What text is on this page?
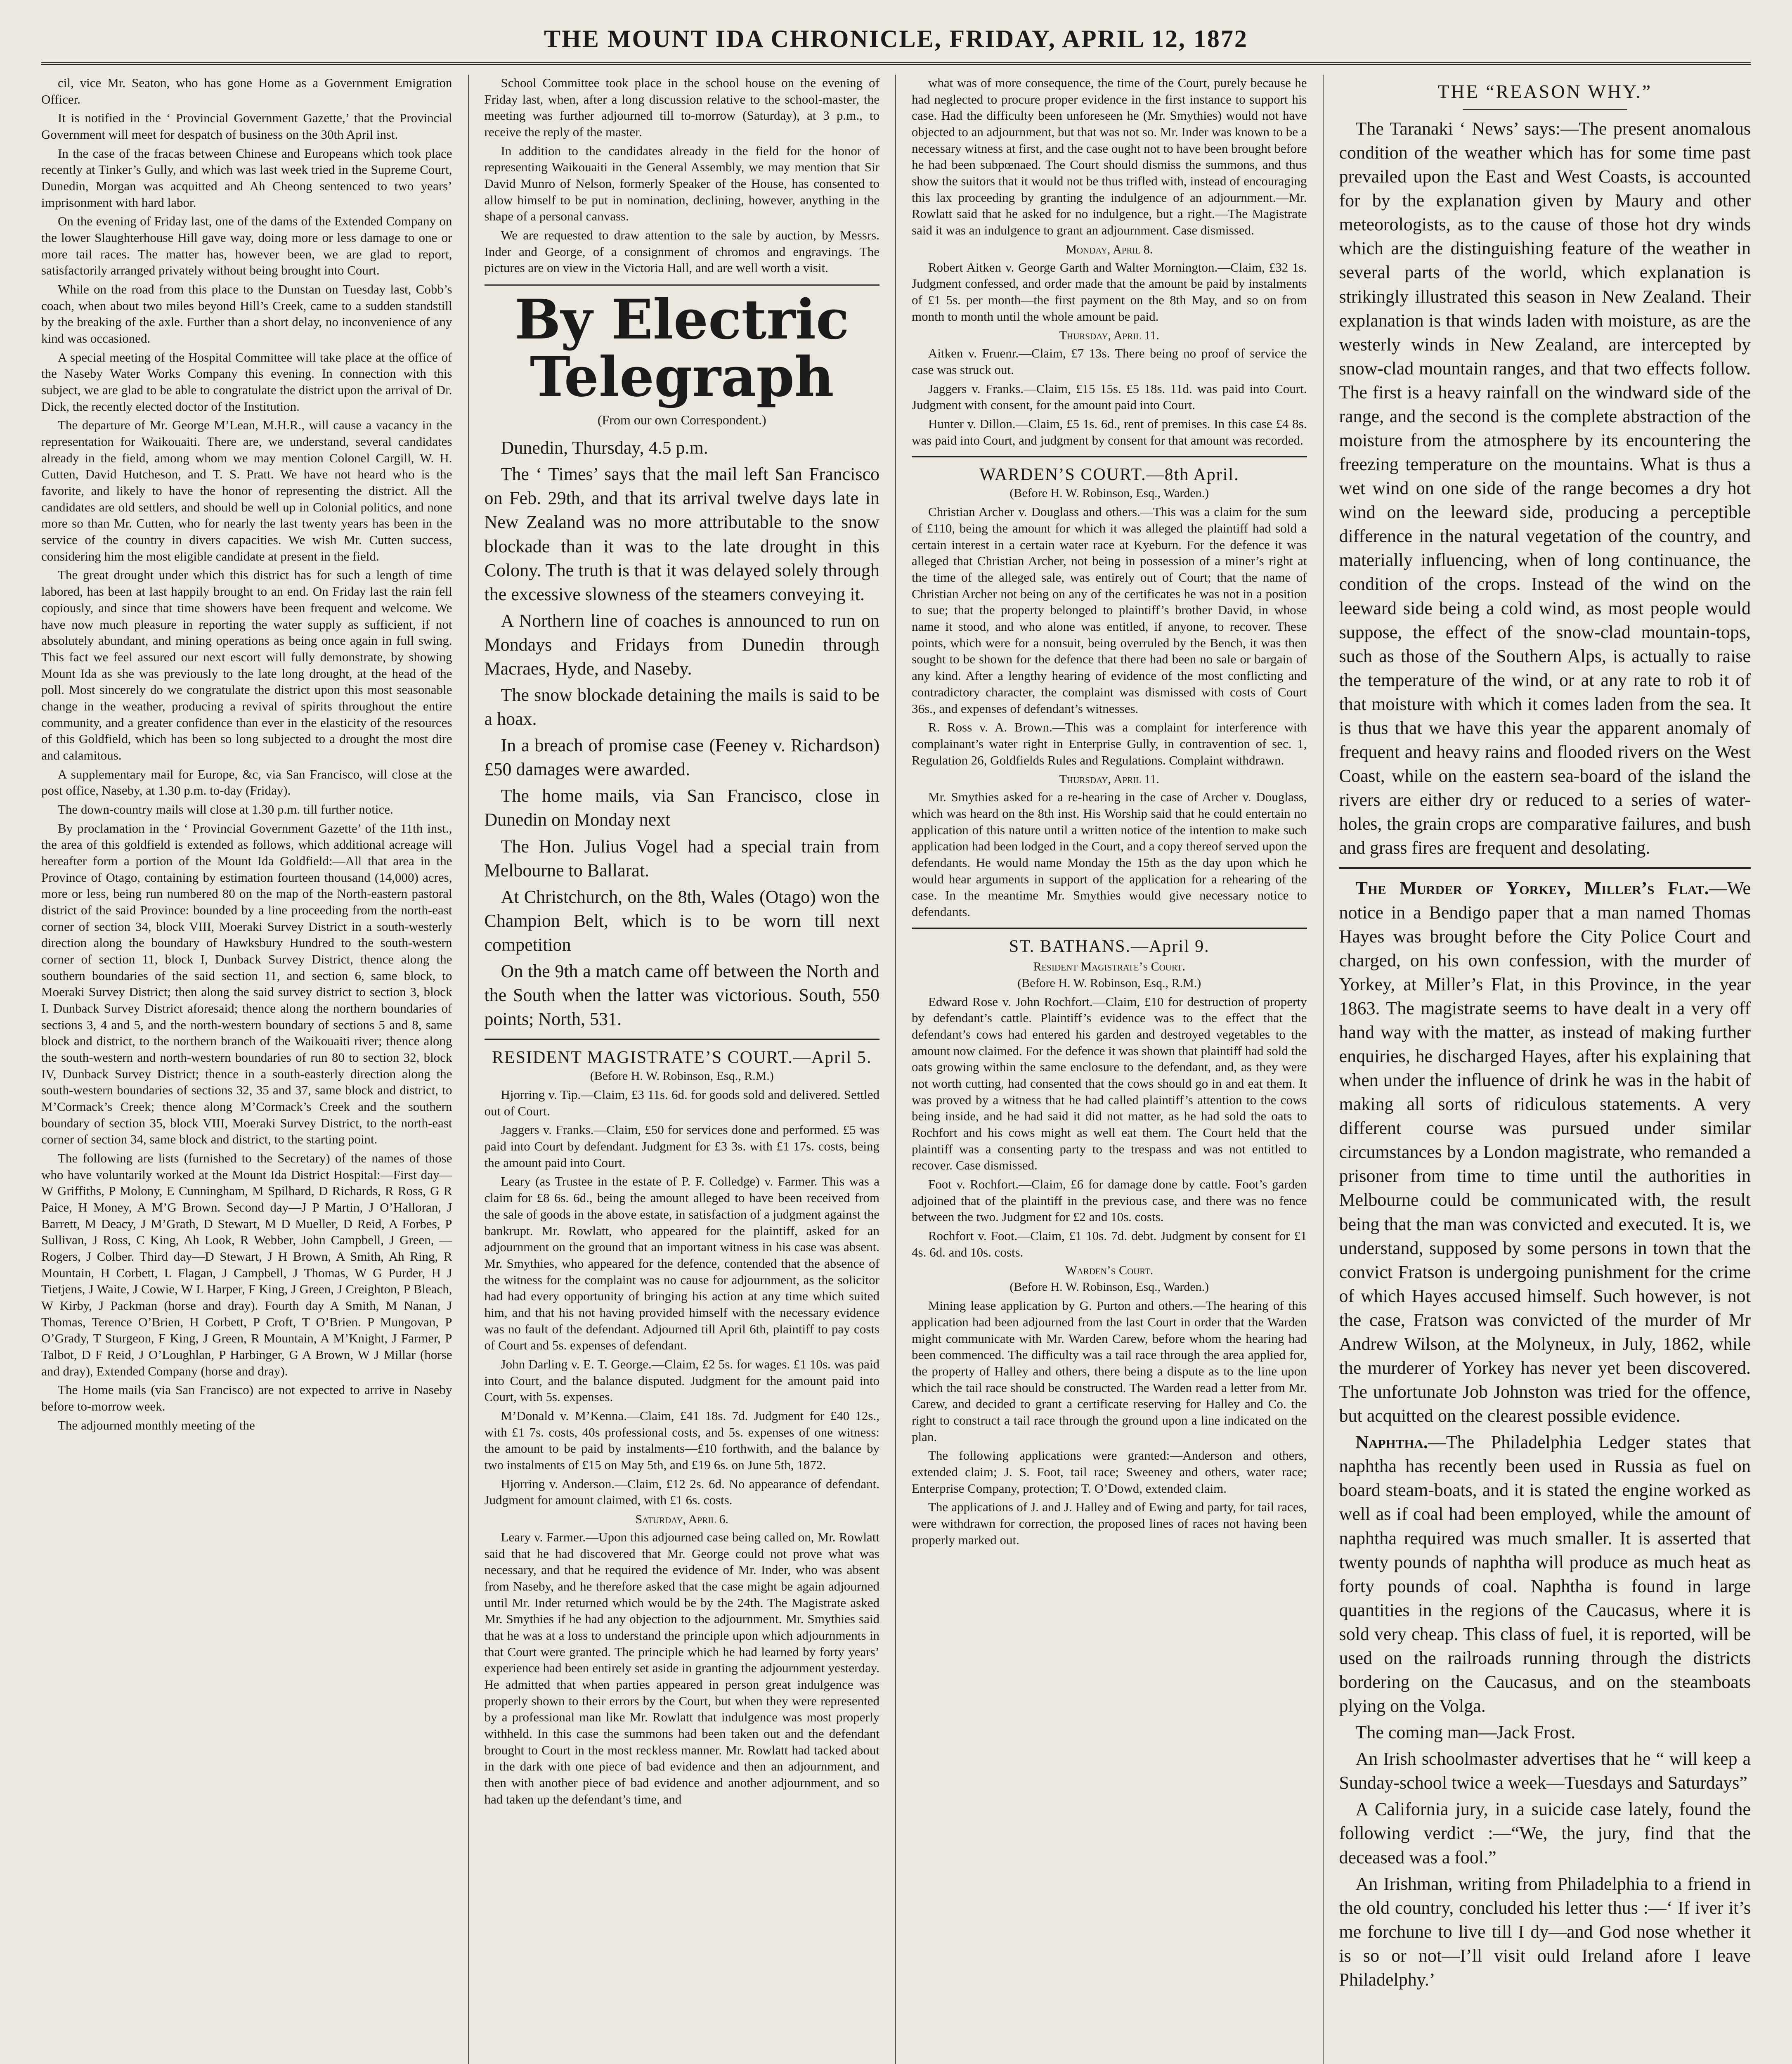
THE MOUNT IDA CHRONICLE, FRIDAY, APRIL 12, 1872

cil, vice Mr. Seaton, who has gone Home as a Government Emigration Officer.

It is notified in the ‘ Provincial Government Gazette,’ that the Provincial Government will meet for despatch of business on the 30th April inst.

In the case of the fracas between Chinese and Europeans which took place recently at Tinker’s Gully, and which was last week tried in the Supreme Court, Dunedin, Morgan was acquitted and Ah Cheong sentenced to two years’ imprisonment with hard labor.

On the evening of Friday last, one of the dams of the Extended Company on the lower Slaughterhouse Hill gave way, doing more or less damage to one or more tail races. The matter has, however been, we are glad to report, satisfactorily arranged privately without being brought into Court.

While on the road from this place to the Dunstan on Tuesday last, Cobb’s coach, when about two miles beyond Hill’s Creek, came to a sudden standstill by the breaking of the axle. Further than a short delay, no inconvenience of any kind was occasioned.

A special meeting of the Hospital Committee will take place at the office of the Naseby Water Works Company this evening. In connection with this subject, we are glad to be able to congratulate the district upon the arrival of Dr. Dick, the recently elected doctor of the Institution.

The departure of Mr. George M’Lean, M.H.R., will cause a vacancy in the representation for Waikouaiti. There are, we understand, several candidates already in the field, among whom we may mention Colonel Cargill, W. H. Cutten, David Hutcheson, and T. S. Pratt. We have not heard who is the favorite, and likely to have the honor of representing the district. All the candidates are old settlers, and should be well up in Colonial politics, and none more so than Mr. Cutten, who for nearly the last twenty years has been in the service of the country in divers capacities. We wish Mr. Cutten success, considering him the most eligible candidate at present in the field.

The great drought under which this district has for such a length of time labored, has been at last happily brought to an end. On Friday last the rain fell copiously, and since that time showers have been frequent and welcome. We have now much pleasure in reporting the water supply as sufficient, if not absolutely abundant, and mining operations as being once again in full swing. This fact we feel assured our next escort will fully demonstrate, by showing Mount Ida as she was previously to the late long drought, at the head of the poll. Most sincerely do we congratulate the district upon this most seasonable change in the weather, producing a revival of spirits throughout the entire community, and a greater confidence than ever in the elasticity of the resources of this Goldfield, which has been so long subjected to a drought the most dire and calamitous.

A supplementary mail for Europe, &c, via San Francisco, will close at the post office, Naseby, at 1.30 p.m. to-day (Friday).

The down-country mails will close at 1.30 p.m. till further notice.

By proclamation in the ‘ Provincial Government Gazette’ of the 11th inst., the area of this goldfield is extended as follows, which additional acreage will hereafter form a portion of the Mount Ida Goldfield:—All that area in the Province of Otago, containing by estimation fourteen thousand (14,000) acres, more or less, being run numbered 80 on the map of the North-eastern pastoral district of the said Province: bounded by a line proceeding from the north-east corner of section 34, block VIII, Moeraki Survey District in a south-westerly direction along the boundary of Hawksbury Hundred to the south-western corner of section 11, block I, Dunback Survey District, thence along the southern boundaries of the said section 11, and section 6, same block, to Moeraki Survey District; then along the said survey district to section 3, block I. Dunback Survey District aforesaid; thence along the northern boundaries of sections 3, 4 and 5, and the north-western boundary of sections 5 and 8, same block and district, to the northern branch of the Waikouaiti river; thence along the south-western and north-western boundaries of run 80 to section 32, block IV, Dunback Survey District; thence in a south-easterly direction along the south-western boundaries of sections 32, 35 and 37, same block and district, to M’Cormack’s Creek; thence along M’Cormack’s Creek and the southern boundary of section 35, block VIII, Moeraki Survey District, to the north-east corner of section 34, same block and district, to the starting point.

The following are lists (furnished to the Secretary) of the names of those who have voluntarily worked at the Mount Ida District Hospital:—First day—W Griffiths, P Molony, E Cunningham, M Spilhard, D Richards, R Ross, G R Paice, H Money, A M’G Brown. Second day—J P Martin, J O’Halloran, J Barrett, M Deacy, J M’Grath, D Stewart, M D Mueller, D Reid, A Forbes, P Sullivan, J Ross, C King, Ah Look, R Webber, John Campbell, J Green, — Rogers, J Colber. Third day—D Stewart, J H Brown, A Smith, Ah Ring, R Mountain, H Corbett, L Flagan, J Campbell, J Thomas, W G Purder, H J Tietjens, J Waite, J Cowie, W L Harper, F King, J Green, J Creighton, P Bleach, W Kirby, J Packman (horse and dray). Fourth day A Smith, M Nanan, J Thomas, Terence O’Brien, H Corbett, P Croft, T O’Brien. P Mungovan, P O’Grady, T Sturgeon, F King, J Green, R Mountain, A M’Knight, J Farmer, P Talbot, D F Reid, J O’Loughlan, P Harbinger, G A Brown, W J Millar (horse and dray), Extended Company (horse and dray).

The Home mails (via San Francisco) are not expected to arrive in Naseby before to-morrow week.

The adjourned monthly meeting of the

School Committee took place in the school house on the evening of Friday last, when, after a long discussion relative to the school-master, the meeting was further adjourned till to-morrow (Saturday), at 3 p.m., to receive the reply of the master.

In addition to the candidates already in the field for the honor of representing Waikouaiti in the General Assembly, we may mention that Sir David Munro of Nelson, formerly Speaker of the House, has consented to allow himself to be put in nomination, declining, however, anything in the shape of a personal canvass.

We are requested to draw attention to the sale by auction, by Messrs. Inder and George, of a consignment of chromos and engravings. The pictures are on view in the Victoria Hall, and are well worth a visit.

By Electric Telegraph
(From our own Correspondent.)

Dunedin, Thursday, 4.5 p.m.

The ‘ Times’ says that the mail left San Francisco on Feb. 29th, and that its arrival twelve days late in New Zealand was no more attributable to the snow blockade than it was to the late drought in this Colony. The truth is that it was delayed solely through the excessive slowness of the steamers conveying it.

A Northern line of coaches is announced to run on Mondays and Fridays from Dunedin through Macraes, Hyde, and Naseby.

The snow blockade detaining the mails is said to be a hoax.

In a breach of promise case (Feeney v. Richardson) £50 damages were awarded.

The home mails, via San Francisco, close in Dunedin on Monday next

The Hon. Julius Vogel had a special train from Melbourne to Ballarat.

At Christchurch, on the 8th, Wales (Otago) won the Champion Belt, which is to be worn till next competition

On the 9th a match came off between the North and the South when the latter was victorious. South, 550 points; North, 531.

RESIDENT MAGISTRATE’S COURT.—April 5.
(Before H. W. Robinson, Esq., R.M.)

Hjorring v. Tip.—Claim, £3 11s. 6d. for goods sold and delivered. Settled out of Court.

Jaggers v. Franks.—Claim, £50 for services done and performed. £5 was paid into Court by defendant. Judgment for £3 3s. with £1 17s. costs, being the amount paid into Court.

Leary (as Trustee in the estate of P. F. Colledge) v. Farmer. This was a claim for £8 6s. 6d., being the amount alleged to have been received from the sale of goods in the above estate, in satisfaction of a judgment against the bankrupt. Mr. Rowlatt, who appeared for the plaintiff, asked for an adjournment on the ground that an important witness in his case was absent. Mr. Smythies, who appeared for the defence, contended that the absence of the witness for the complaint was no cause for adjournment, as the solicitor had had every opportunity of bringing his action at any time which suited him, and that his not having provided himself with the necessary evidence was no fault of the defendant. Adjourned till April 6th, plaintiff to pay costs of Court and 5s. expenses of defendant.

John Darling v. E. T. George.—Claim, £2 5s. for wages. £1 10s. was paid into Court, and the balance disputed. Judgment for the amount paid into Court, with 5s. expenses.

M’Donald v. M’Kenna.—Claim, £41 18s. 7d. Judgment for £40 12s., with £1 7s. costs, 40s professional costs, and 5s. expenses of one witness: the amount to be paid by instalments—£10 forthwith, and the balance by two instalments of £15 on May 5th, and £19 6s. on June 5th, 1872.

Hjorring v. Anderson.—Claim, £12 2s. 6d. No appearance of defendant. Judgment for amount claimed, with £1 6s. costs.

Saturday, April 6.

Leary v. Farmer.—Upon this adjourned case being called on, Mr. Rowlatt said that he had discovered that Mr. George could not prove what was necessary, and that he required the evidence of Mr. Inder, who was absent from Naseby, and he therefore asked that the case might be again adjourned until Mr. Inder returned which would be by the 24th. The Magistrate asked Mr. Smythies if he had any objection to the adjournment. Mr. Smythies said that he was at a loss to understand the principle upon which adjournments in that Court were granted. The principle which he had learned by forty years’ experience had been entirely set aside in granting the adjournment yesterday. He admitted that when parties appeared in person great indulgence was properly shown to their errors by the Court, but when they were represented by a professional man like Mr. Rowlatt that indulgence was most properly withheld. In this case the summons had been taken out and the defendant brought to Court in the most reckless manner. Mr. Rowlatt had tacked about in the dark with one piece of bad evidence and then an adjournment, and then with another piece of bad evidence and another adjournment, and so had taken up the defendant’s time, and

what was of more consequence, the time of the Court, purely because he had neglected to procure proper evidence in the first instance to support his case. Had the difficulty been unforeseen he (Mr. Smythies) would not have objected to an adjournment, but that was not so. Mr. Inder was known to be a necessary witness at first, and the case ought not to have been brought before he had been subpœnaed. The Court should dismiss the summons, and thus show the suitors that it would not be thus trifled with, instead of encouraging this lax proceeding by granting the indulgence of an adjournment.—Mr. Rowlatt said that he asked for no indulgence, but a right.—The Magistrate said it was an indulgence to grant an adjournment. Case dismissed.

Monday, April 8.

Robert Aitken v. George Garth and Walter Mornington.—Claim, £32 1s. Judgment confessed, and order made that the amount be paid by instalments of £1 5s. per month—the first payment on the 8th May, and so on from month to month until the whole amount be paid.

Thursday, April 11.

Aitken v. Fruenr.—Claim, £7 13s. There being no proof of service the case was struck out.

Jaggers v. Franks.—Claim, £15 15s. £5 18s. 11d. was paid into Court. Judgment with consent, for the amount paid into Court.

Hunter v. Dillon.—Claim, £5 1s. 6d., rent of premises. In this case £4 8s. was paid into Court, and judgment by consent for that amount was recorded.

WARDEN’S COURT.—8th April.
(Before H. W. Robinson, Esq., Warden.)

Christian Archer v. Douglass and others.—This was a claim for the sum of £110, being the amount for which it was alleged the plaintiff had sold a certain interest in a certain water race at Kyeburn. For the defence it was alleged that Christian Archer, not being in possession of a miner’s right at the time of the alleged sale, was entirely out of Court; that the name of Christian Archer not being on any of the certificates he was not in a position to sue; that the property belonged to plaintiff’s brother David, in whose name it stood, and who alone was entitled, if anyone, to recover. These points, which were for a nonsuit, being overruled by the Bench, it was then sought to be shown for the defence that there had been no sale or bargain of any kind. After a lengthy hearing of evidence of the most conflicting and contradictory character, the complaint was dismissed with costs of Court 36s., and expenses of defendant’s witnesses.

R. Ross v. A. Brown.—This was a complaint for interference with complainant’s water right in Enterprise Gully, in contravention of sec. 1, Regulation 26, Goldfields Rules and Regulations. Complaint withdrawn.

Thursday, April 11.

Mr. Smythies asked for a re-hearing in the case of Archer v. Douglass, which was heard on the 8th inst. His Worship said that he could entertain no application of this nature until a written notice of the intention to make such application had been lodged in the Court, and a copy thereof served upon the defendants. He would name Monday the 15th as the day upon which he would hear arguments in support of the application for a rehearing of the case. In the meantime Mr. Smythies would give necessary notice to defendants.

ST. BATHANS.—April 9.
Resident Magistrate’s Court.
(Before H. W. Robinson, Esq., R.M.)

Edward Rose v. John Rochfort.—Claim, £10 for destruction of property by defendant’s cattle. Plaintiff’s evidence was to the effect that the defendant’s cows had entered his garden and destroyed vegetables to the amount now claimed. For the defence it was shown that plaintiff had sold the oats growing within the same enclosure to the defendant, and, as they were not worth cutting, had consented that the cows should go in and eat them. It was proved by a witness that he had called plaintiff’s attention to the cows being inside, and he had said it did not matter, as he had sold the oats to Rochfort and his cows might as well eat them. The Court held that the plaintiff was a consenting party to the trespass and was not entitled to recover. Case dismissed.

Foot v. Rochfort.—Claim, £6 for damage done by cattle. Foot’s garden adjoined that of the plaintiff in the previous case, and there was no fence between the two. Judgment for £2 and 10s. costs.

Rochfort v. Foot.—Claim, £1 10s. 7d. debt. Judgment by consent for £1 4s. 6d. and 10s. costs.

Warden’s Court.
(Before H. W. Robinson, Esq., Warden.)

Mining lease application by G. Purton and others.—The hearing of this application had been adjourned from the last Court in order that the Warden might communicate with Mr. Warden Carew, before whom the hearing had been commenced. The difficulty was a tail race through the area applied for, the property of Halley and others, there being a dispute as to the line upon which the tail race should be constructed. The Warden read a letter from Mr. Carew, and decided to grant a certificate reserving for Halley and Co. the right to construct a tail race through the ground upon a line indicated on the plan.

The following applications were granted:—Anderson and others, extended claim; J. S. Foot, tail race; Sweeney and others, water race; Enterprise Company, protection; T. O’Dowd, extended claim.

The applications of J. and J. Halley and of Ewing and party, for tail races, were withdrawn for correction, the proposed lines of races not having been properly marked out.

THE “REASON WHY.”

The Taranaki ‘ News’ says:—The present anomalous condition of the weather which has for some time past prevailed upon the East and West Coasts, is accounted for by the explanation given by Maury and other meteorologists, as to the cause of those hot dry winds which are the distinguishing feature of the weather in several parts of the world, which explanation is strikingly illustrated this season in New Zealand. Their explanation is that winds laden with moisture, as are the westerly winds in New Zealand, are intercepted by snow-clad mountain ranges, and that two effects follow. The first is a heavy rainfall on the windward side of the range, and the second is the complete abstraction of the moisture from the atmosphere by its encountering the freezing temperature on the mountains. What is thus a wet wind on one side of the range becomes a dry hot wind on the leeward side, producing a perceptible difference in the natural vegetation of the country, and materially influencing, when of long continuance, the condition of the crops. Instead of the wind on the leeward side being a cold wind, as most people would suppose, the effect of the snow-clad mountain-tops, such as those of the Southern Alps, is actually to raise the temperature of the wind, or at any rate to rob it of that moisture with which it comes laden from the sea. It is thus that we have this year the apparent anomaly of frequent and heavy rains and flooded rivers on the West Coast, while on the eastern sea-board of the island the rivers are either dry or reduced to a series of water-holes, the grain crops are comparative failures, and bush and grass fires are frequent and desolating.

The Murder of Yorkey, Miller’s Flat.—We notice in a Bendigo paper that a man named Thomas Hayes was brought before the City Police Court and charged, on his own confession, with the murder of Yorkey, at Miller’s Flat, in this Province, in the year 1863. The magistrate seems to have dealt in a very off hand way with the matter, as instead of making further enquiries, he discharged Hayes, after his explaining that when under the influence of drink he was in the habit of making all sorts of ridiculous statements. A very different course was pursued under similar circumstances by a London magistrate, who remanded a prisoner from time to time until the authorities in Melbourne could be communicated with, the result being that the man was convicted and executed. It is, we understand, supposed by some persons in town that the convict Fratson is undergoing punishment for the crime of which Hayes accused himself. Such however, is not the case, Fratson was convicted of the murder of Mr Andrew Wilson, at the Molyneux, in July, 1862, while the murderer of Yorkey has never yet been discovered. The unfortunate Job Johnston was tried for the offence, but acquitted on the clearest possible evidence.

Naphtha.—The Philadelphia Ledger states that naphtha has recently been used in Russia as fuel on board steam-boats, and it is stated the engine worked as well as if coal had been employed, while the amount of naphtha required was much smaller. It is asserted that twenty pounds of naphtha will produce as much heat as forty pounds of coal. Naphtha is found in large quantities in the regions of the Caucasus, where it is sold very cheap. This class of fuel, it is reported, will be used on the railroads running through the districts bordering on the Caucasus, and on the steamboats plying on the Volga.

The coming man—Jack Frost.

An Irish schoolmaster advertises that he “ will keep a Sunday-school twice a week—Tuesdays and Saturdays”

A California jury, in a suicide case lately, found the following verdict :—“We, the jury, find that the deceased was a fool.”

An Irishman, writing from Philadelphia to a friend in the old country, concluded his letter thus :—‘ If iver it’s me forchune to live till I dy—and God nose whether it is so or not—I’ll visit ould Ireland afore I leave Philadelphy.’
